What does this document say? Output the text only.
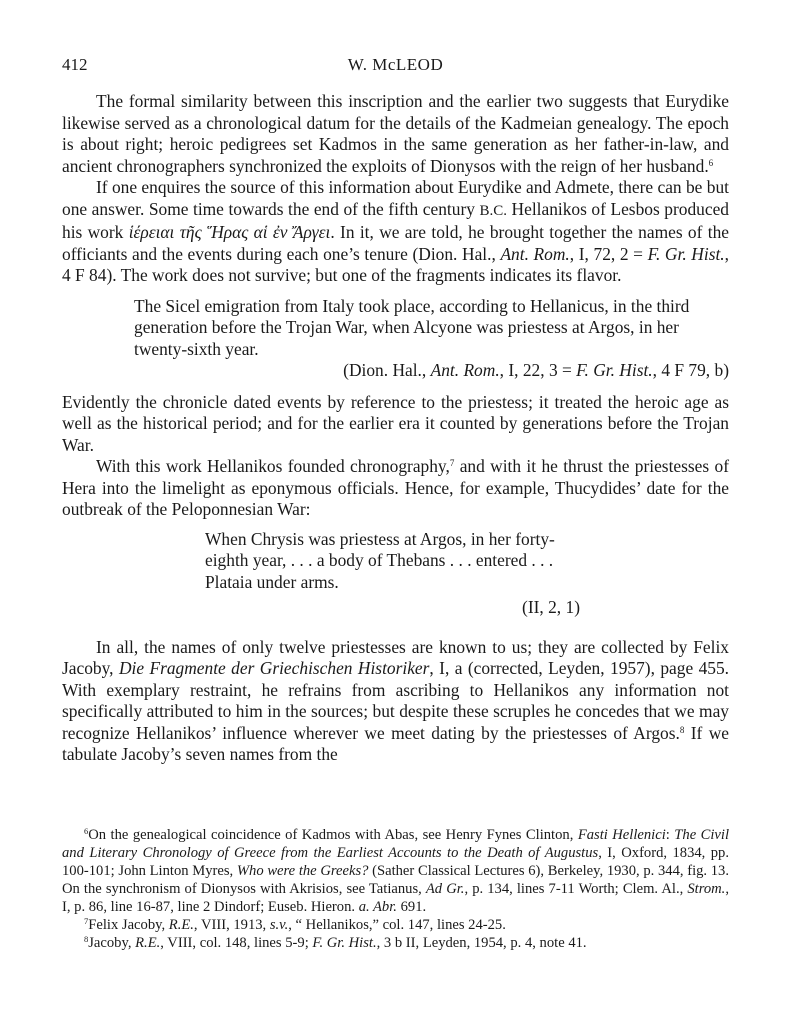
412	W. McLEOD

The formal similarity between this inscription and the earlier two suggests that Eurydike likewise served as a chronological datum for the details of the Kadmeian genealogy. The epoch is about right; heroic pedigrees set Kadmos in the same generation as her father-in-law, and ancient chronographers synchronized the exploits of Dionysos with the reign of her husband.$^6$

If one enquires the source of this information about Eurydike and Admete, there can be but one answer. Some time towards the end of the fifth century B.C. Hellanikos of Lesbos produced his work ἱέρειαι τῆς Ἥρας αἱ ἐν Ἄργει. In it, we are told, he brought together the names of the officiants and the events during each one’s tenure (Dion. Hal., Ant. Rom., I, 72, 2 = F. Gr. Hist., 4 F 84). The work does not survive; but one of the fragments indicates its flavor.

The Sicel emigration from Italy took place, according to Hellanicus, in the third generation before the Trojan War, when Alcyone was priestess at Argos, in her twenty-sixth year.
(Dion. Hal., Ant. Rom., I, 22, 3 = F. Gr. Hist., 4 F 79, b)

Evidently the chronicle dated events by reference to the priestess; it treated the heroic age as well as the historical period; and for the earlier era it counted by generations before the Trojan War.

With this work Hellanikos founded chronography,$^7$ and with it he thrust the priestesses of Hera into the limelight as eponymous officials. Hence, for example, Thucydides’ date for the outbreak of the Peloponnesian War:

When Chrysis was priestess at Argos, in her forty-eighth year, . . . a body of Thebans . . . entered . . . Plataia under arms.
(II, 2, 1)

In all, the names of only twelve priestesses are known to us; they are collected by Felix Jacoby, Die Fragmente der Griechischen Historiker, I, a (corrected, Leyden, 1957), page 455. With exemplary restraint, he refrains from ascribing to Hellanikos any information not specifically attributed to him in the sources; but despite these scruples he concedes that we may recognize Hellanikos’ influence wherever we meet dating by the priestesses of Argos.$^8$ If we tabulate Jacoby’s seven names from the

$^6$On the genealogical coincidence of Kadmos with Abas, see Henry Fynes Clinton, Fasti Hellenici: The Civil and Literary Chronology of Greece from the Earliest Accounts to the Death of Augustus, I, Oxford, 1834, pp. 100-101; John Linton Myres, Who were the Greeks? (Sather Classical Lectures 6), Berkeley, 1930, p. 344, fig. 13. On the synchronism of Dionysos with Akrisios, see Tatianus, Ad Gr., p. 134, lines 7-11 Worth; Clem. Al., Strom., I, p. 86, line 16-87, line 2 Dindorf; Euseb. Hieron. a. Abr. 691.

$^7$Felix Jacoby, R.E., VIII, 1913, s.v., “ Hellanikos,” col. 147, lines 24-25.

$^8$Jacoby, R.E., VIII, col. 148, lines 5-9; F. Gr. Hist., 3 b II, Leyden, 1954, p. 4, note 41.
